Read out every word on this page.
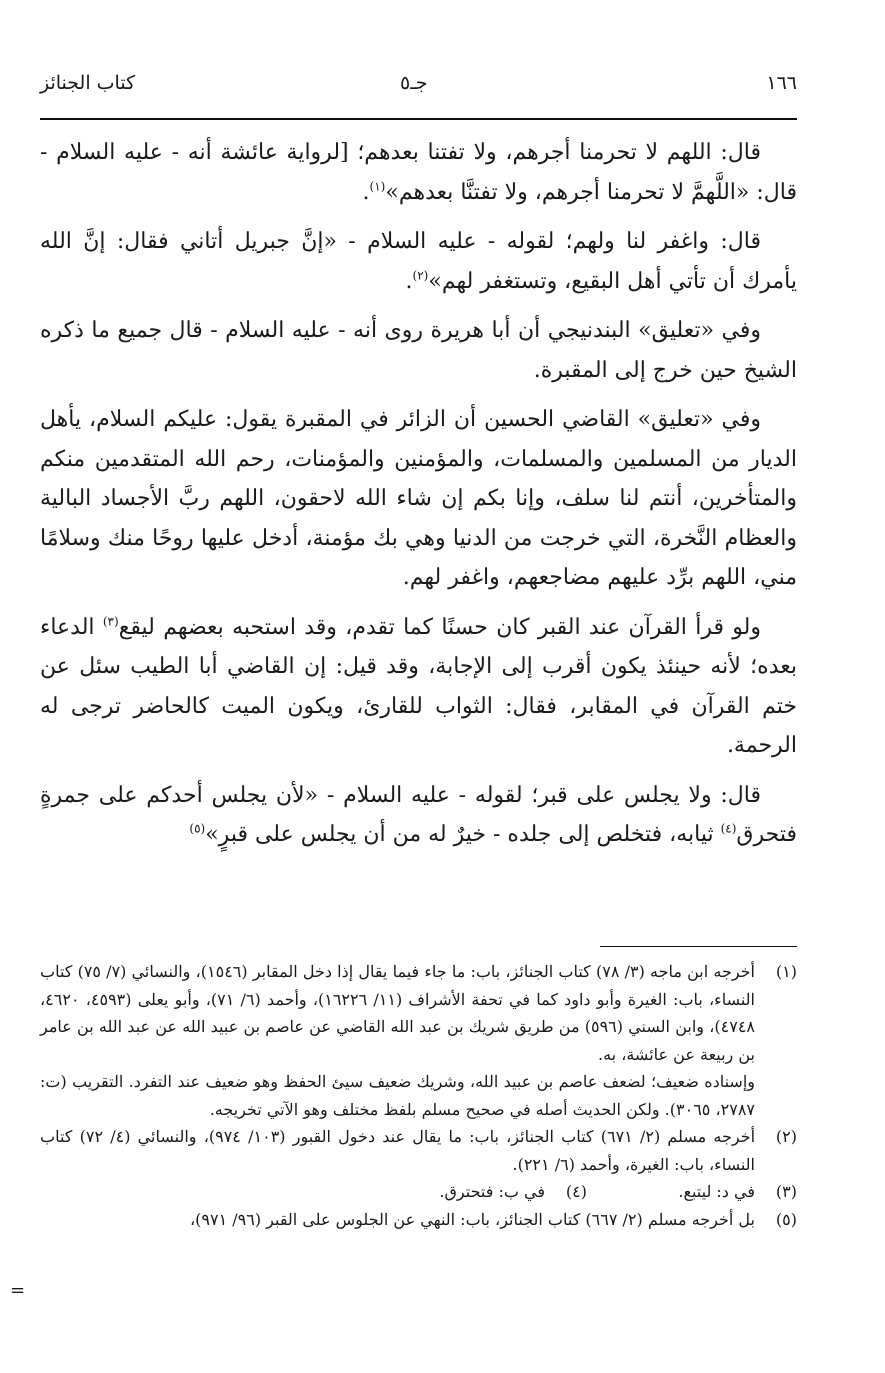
١٦٦
جـ٥
كتاب الجنائز

قال: اللهم لا تحرمنا أجرهم، ولا تفتنا بعدهم؛ [لرواية عائشة أنه - عليه السلام - قال: «اللَّهمَّ لا تحرمنا أجرهم، ولا تفتنَّا بعدهم»$^{(١)}$.

قال: واغفر لنا ولهم؛ لقوله - عليه السلام - «إنَّ جبريل أتاني فقال: إنَّ الله يأمرك أن تأتي أهل البقيع، وتستغفر لهم»$^{(٢)}$.

وفي «تعليق» البندنيجي أن أبا هريرة روى أنه - عليه السلام - قال جميع ما ذكره الشيخ حين خرج إلى المقبرة.

وفي «تعليق» القاضي الحسين أن الزائر في المقبرة يقول: عليكم السلام، يأهل الديار من المسلمين والمسلمات، والمؤمنين والمؤمنات، رحم الله المتقدمين منكم والمتأخرين، أنتم لنا سلف، وإنا بكم إن شاء الله لاحقون، اللهم ربَّ الأجساد البالية والعظام النَّخرة، التي خرجت من الدنيا وهي بك مؤمنة، أدخل عليها روحًا منك وسلامًا مني، اللهم برِّد عليهم مضاجعهم، واغفر لهم.

ولو قرأ القرآن عند القبر كان حسنًا كما تقدم، وقد استحبه بعضهم ليقع$^{(٣)}$ الدعاء بعده؛ لأنه حينئذ يكون أقرب إلى الإجابة، وقد قيل: إن القاضي أبا الطيب سئل عن ختم القرآن في المقابر، فقال: الثواب للقارئ، ويكون الميت كالحاضر ترجى له الرحمة.

قال: ولا يجلس على قبر؛ لقوله - عليه السلام - «لأن يجلس أحدكم على جمرةٍ فتحرق$^{(٤)}$ ثيابه، فتخلص إلى جلده - خيرٌ له من أن يجلس على قبرٍ»$^{(٥)}$

(١)
أخرجه ابن ماجه (٣/ ٧٨) كتاب الجنائز، باب: ما جاء فيما يقال إذا دخل المقابر (١٥٤٦)، والنسائي (٧/ ٧٥) كتاب النساء، باب: الغيرة وأبو داود كما في تحفة الأشراف (١١/ ١٦٢٢٦)، وأحمد (٦/ ٧١)، وأبو يعلى (٤٥٩٣، ٤٦٢٠، ٤٧٤٨)، وابن السني (٥٩٦) من طريق شريك بن عبد الله القاضي عن عاصم بن عبيد الله عن عبد الله بن عامر بن ربيعة عن عائشة، به.
وإسناده ضعيف؛ لضعف عاصم بن عبيد الله، وشريك ضعيف سيئ الحفظ وهو ضعيف عند التفرد. التقريب (ت: ٢٧٨٧، ٣٠٦٥). ولكن الحديث أصله في صحيح مسلم بلفظ مختلف وهو الآتي تخريجه.
(٢)
أخرجه مسلم (٢/ ٦٧١) كتاب الجنائز، باب: ما يقال عند دخول القبور (١٠٣/ ٩٧٤)، والنسائي (٤/ ٧٢) كتاب النساء، باب: الغيرة، وأحمد (٦/ ٢٢١).
(٣)
في د: ليتبع.
(٤)
في ب: فتحترق.
(٥)
بل أخرجه مسلم (٢/ ٦٦٧) كتاب الجنائز، باب: النهي عن الجلوس على القبر (٩٦/ ٩٧١)،
=
